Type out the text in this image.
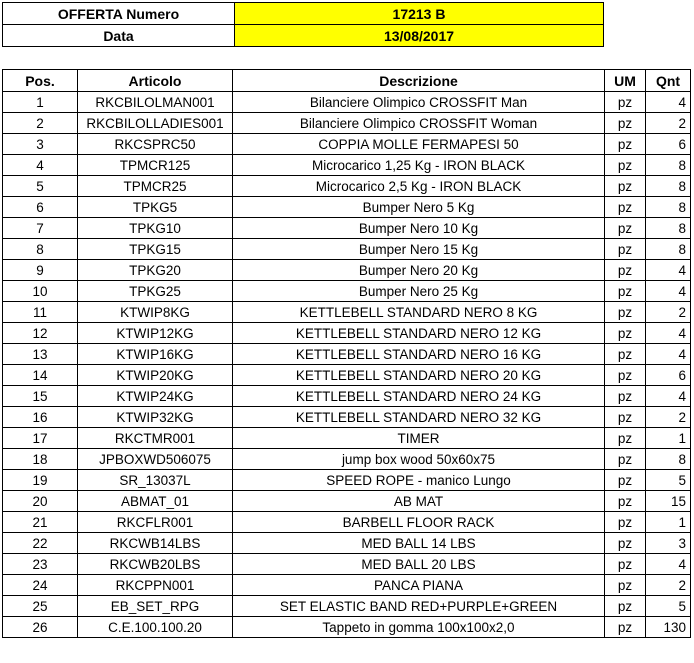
OFFERTA Numero	17213 B
Data	13/08/2017
Pos.	Articolo	Descrizione	UM	Qnt
1	RKCBILOLMAN001	Bilanciere Olimpico CROSSFIT Man	pz	4
2	RKCBILOLLADIES001	Bilanciere Olimpico CROSSFIT Woman	pz	2
3	RKCSPRC50	COPPIA MOLLE FERMAPESI 50	pz	6
4	TPMCR125	Microcarico 1,25 Kg - IRON BLACK	pz	8
5	TPMCR25	Microcarico 2,5 Kg - IRON BLACK	pz	8
6	TPKG5	Bumper Nero 5 Kg	pz	8
7	TPKG10	Bumper Nero 10 Kg	pz	8
8	TPKG15	Bumper Nero 15 Kg	pz	8
9	TPKG20	Bumper Nero 20 Kg	pz	4
10	TPKG25	Bumper Nero 25 Kg	pz	4
11	KTWIP8KG	KETTLEBELL STANDARD NERO 8 KG	pz	2
12	KTWIP12KG	KETTLEBELL STANDARD NERO 12 KG	pz	4
13	KTWIP16KG	KETTLEBELL STANDARD NERO 16 KG	pz	4
14	KTWIP20KG	KETTLEBELL STANDARD NERO 20 KG	pz	6
15	KTWIP24KG	KETTLEBELL STANDARD NERO 24 KG	pz	4
16	KTWIP32KG	KETTLEBELL STANDARD NERO 32 KG	pz	2
17	RKCTMR001	TIMER	pz	1
18	JPBOXWD506075	jump box wood 50x60x75	pz	8
19	SR_13037L	SPEED ROPE - manico Lungo	pz	5
20	ABMAT_01	AB MAT	pz	15
21	RKCFLR001	BARBELL FLOOR RACK	pz	1
22	RKCWB14LBS	MED BALL 14 LBS	pz	3
23	RKCWB20LBS	MED BALL 20 LBS	pz	4
24	RKCPPN001	PANCA PIANA	pz	2
25	EB_SET_RPG	SET ELASTIC BAND RED+PURPLE+GREEN	pz	5
26	C.E.100.100.20	Tappeto in gomma 100x100x2,0	pz	130
